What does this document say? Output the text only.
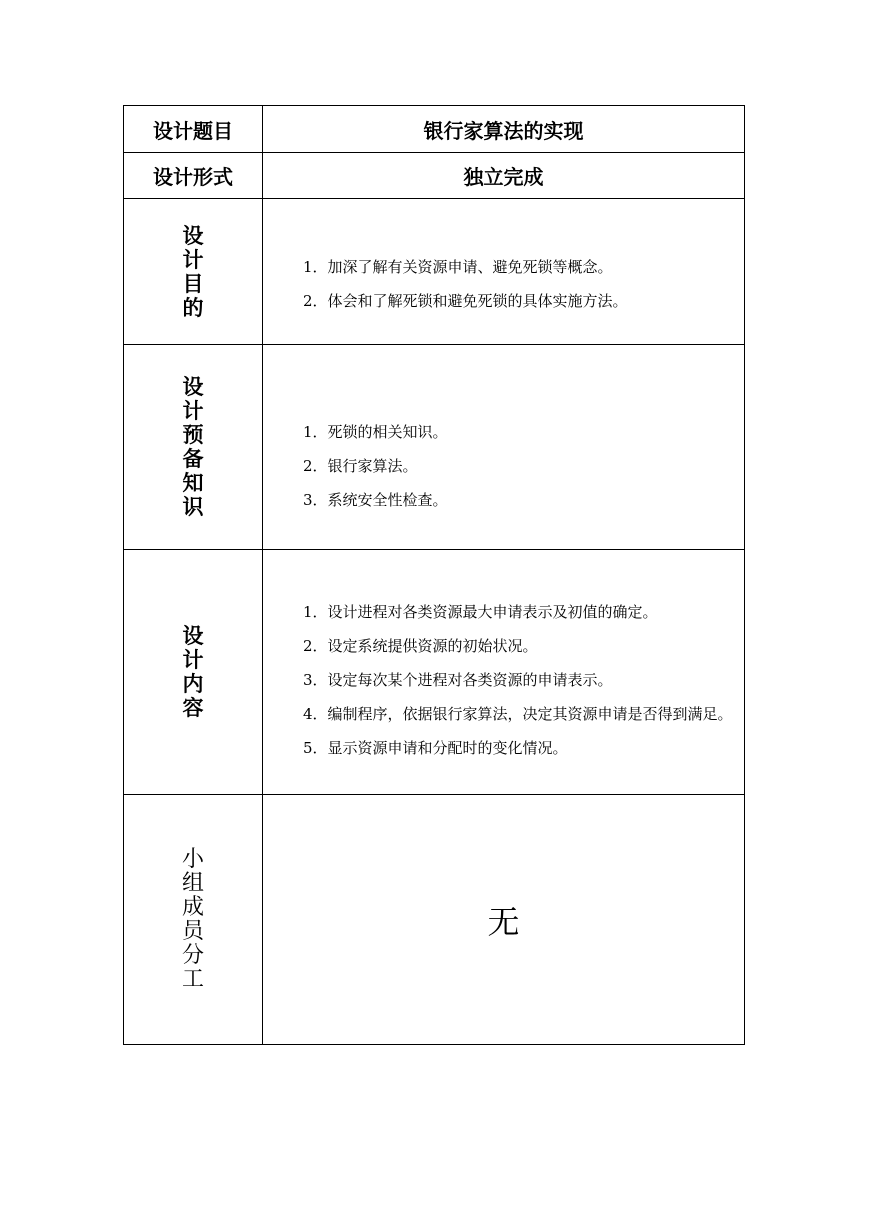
设计题目	银行家算法的实现
设计形式	独立完成

设计目的	1．加深了解有关资源申请、避免死锁等概念。

2．体会和了解死锁和避免死锁的具体实施方法。

设计预备知识	1．死锁的相关知识。

2．银行家算法。

3．系统安全性检查。

设计内容	1．设计进程对各类资源最大申请表示及初值的确定。

2．设定系统提供资源的初始状况。

3．设定每次某个进程对各类资源的申请表示。

4．编制程序，依据银行家算法，决定其资源申请是否得到满足。

5．显示资源申请和分配时的变化情况。

小组成员分工	无
